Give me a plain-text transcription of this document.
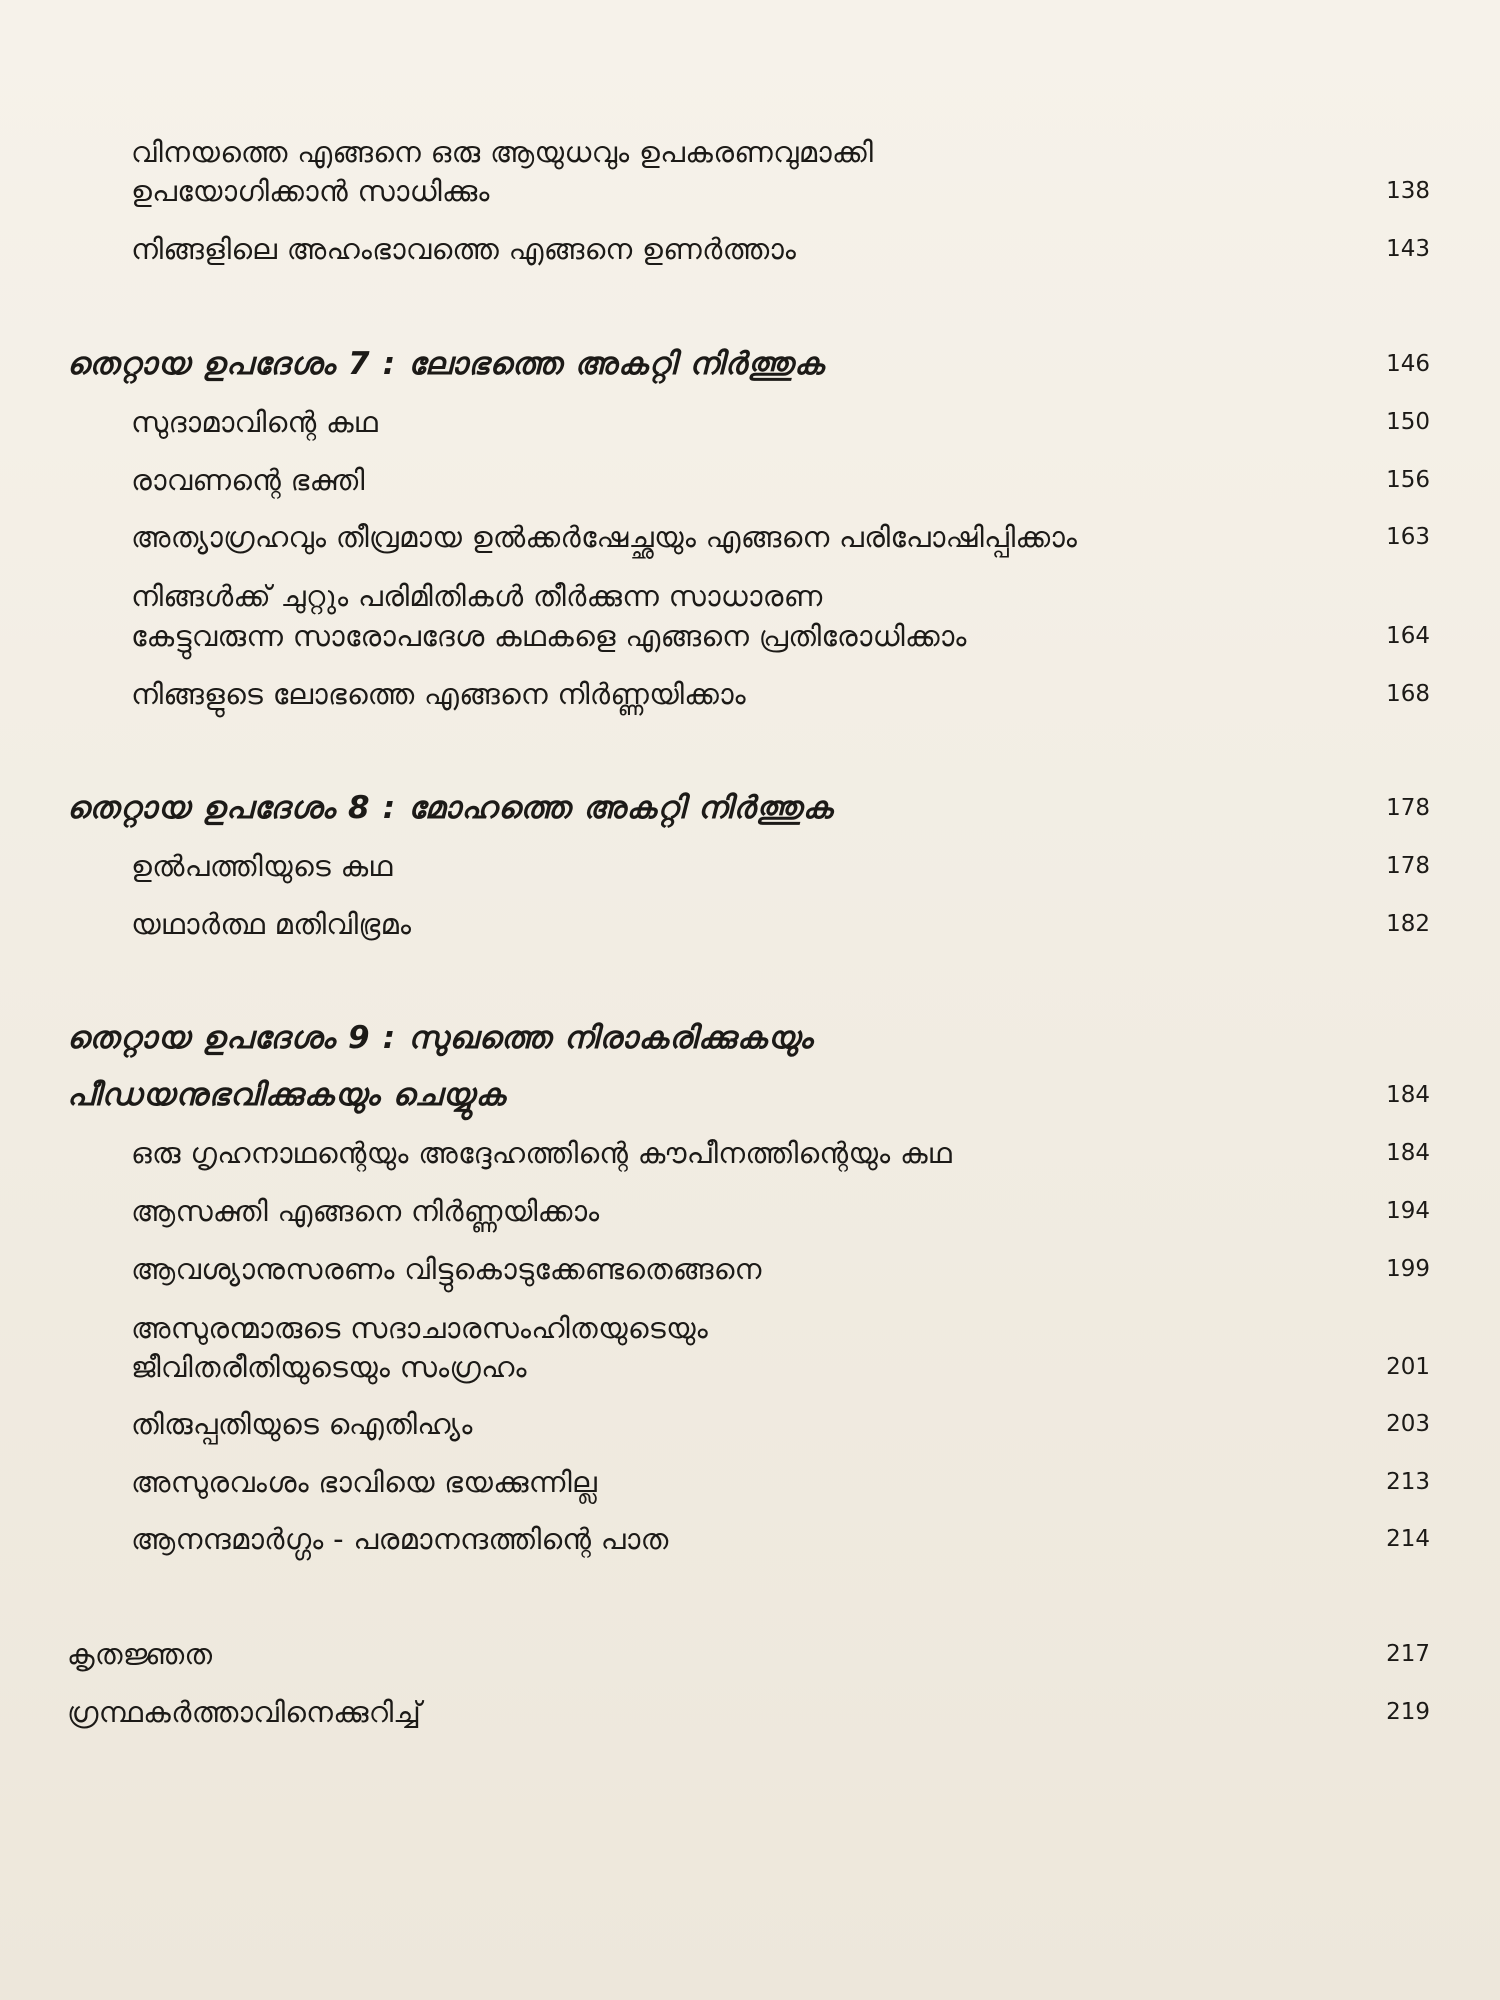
വിനയത്തെ എങ്ങനെ ഒരു ആയുധവും ഉപകരണവുമാക്കി
ഉപയോഗിക്കാൻ സാധിക്കും	138
നിങ്ങളിലെ അഹംഭാവത്തെ എങ്ങനെ ഉണർത്താം	143
തെറ്റായ ഉപദേശം 7 : ലോഭത്തെ അകറ്റി നിർത്തുക	146
സുദാമാവിന്റെ കഥ	150
രാവണന്റെ ഭക്തി	156
അത്യാഗ്രഹവും തീവ്രമായ ഉൽക്കർഷേച്ഛയും എങ്ങനെ പരിപോഷിപ്പിക്കാം	163
നിങ്ങൾക്ക് ചുറ്റും പരിമിതികൾ തീർക്കുന്ന സാധാരണ
കേട്ടുവരുന്ന സാരോപദേശ കഥകളെ എങ്ങനെ പ്രതിരോധിക്കാം	164
നിങ്ങളുടെ ലോഭത്തെ എങ്ങനെ നിർണ്ണയിക്കാം	168
തെറ്റായ ഉപദേശം 8 : മോഹത്തെ അകറ്റി നിർത്തുക	178
ഉൽപത്തിയുടെ കഥ	178
യഥാർത്ഥ മതിവിഭ്രമം	182
തെറ്റായ ഉപദേശം 9 : സുഖത്തെ നിരാകരിക്കുകയും
പീഡയനുഭവിക്കുകയും ചെയ്യുക	184
ഒരു ഗൃഹനാഥന്റെയും അദ്ദേഹത്തിന്റെ കൗപീനത്തിന്റെയും കഥ	184
ആസക്തി എങ്ങനെ നിർണ്ണയിക്കാം	194
ആവശ്യാനുസരണം വിട്ടുകൊടുക്കേണ്ടതെങ്ങനെ	199
അസുരന്മാരുടെ സദാചാരസംഹിതയുടെയും
ജീവിതരീതിയുടെയും സംഗ്രഹം	201
തിരുപ്പതിയുടെ ഐതിഹ്യം	203
അസുരവംശം ഭാവിയെ ഭയക്കുന്നില്ല	213
ആനന്ദമാർഗ്ഗം - പരമാനന്ദത്തിന്റെ പാത	214
കൃതജ്ഞത	217
ഗ്രന്ഥകർത്താവിനെക്കുറിച്ച്	219
